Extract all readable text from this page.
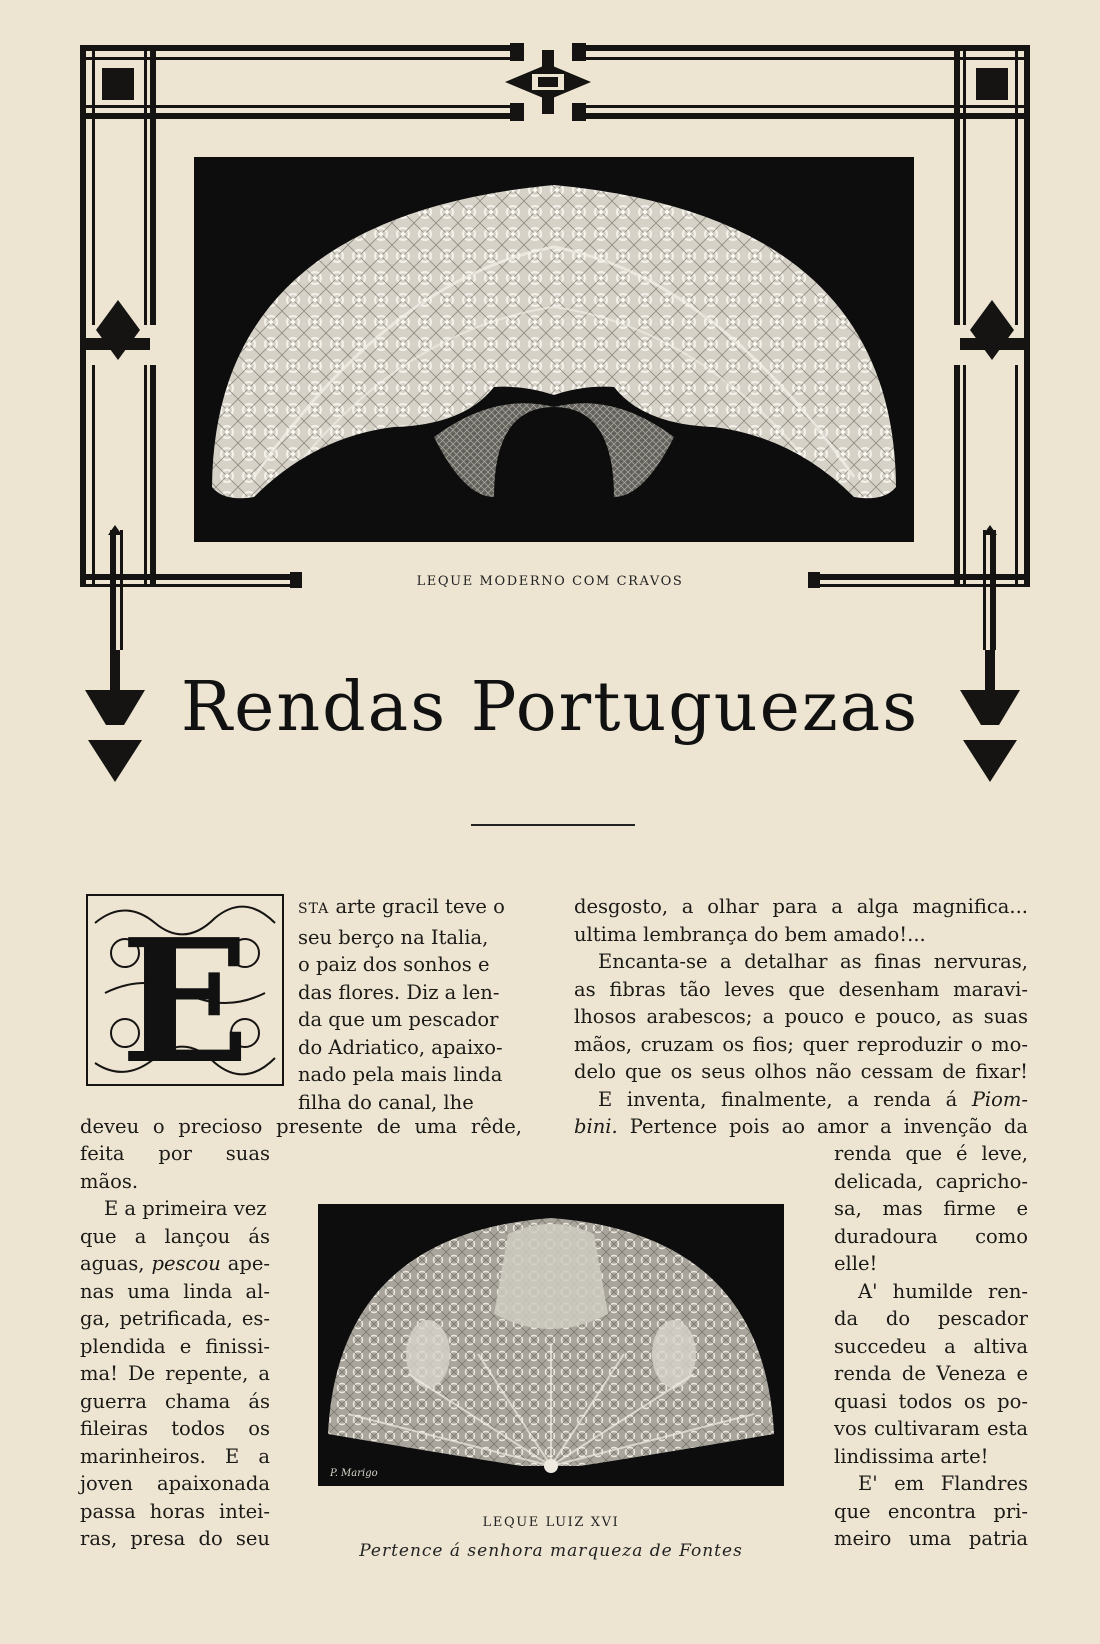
LEQUE MODERNO COM CRAVOS
Rendas Portuguezas
E	STA arte gracil teve o

seu berço na Italia,

o paiz dos sonhos e

das flores. Diz a len-

da que um pescador

do Adriatico, apaixo-

nado pela mais linda

filha do canal, lhe

deveu o precioso presente de uma rêde,

feita por suas

mãos.

E a primeira vez

que a lançou ás

aguas, pescou ape-

nas uma linda al-

ga, petrificada, es-

plendida e finissi-

ma! De repente, a

guerra chama ás

fileiras todos os

marinheiros. E a

joven apaixonada

passa horas intei-

ras, presa do seu

desgosto, a olhar para a alga magnifica...

ultima lembrança do bem amado!...

Encanta-se a detalhar as finas nervuras,

as fibras tão leves que desenham maravi-

lhosos arabescos; a pouco e pouco, as suas

mãos, cruzam os fios; quer reproduzir o mo-

delo que os seus olhos não cessam de fixar!

E inventa, finalmente, a renda á Piom-

bini. Pertence pois ao amor a invenção da

renda que é leve,

delicada, capricho-

sa, mas firme e

duradoura como

elle!

A' humilde ren-

da do pescador

succedeu a altiva

renda de Veneza e

quasi todos os po-

vos cultivaram esta

lindissima arte!

E' em Flandres

que encontra pri-

meiro uma patria

P. Marigo
LEQUE LUIZ XVI
Pertence á senhora marqueza de Fontes
